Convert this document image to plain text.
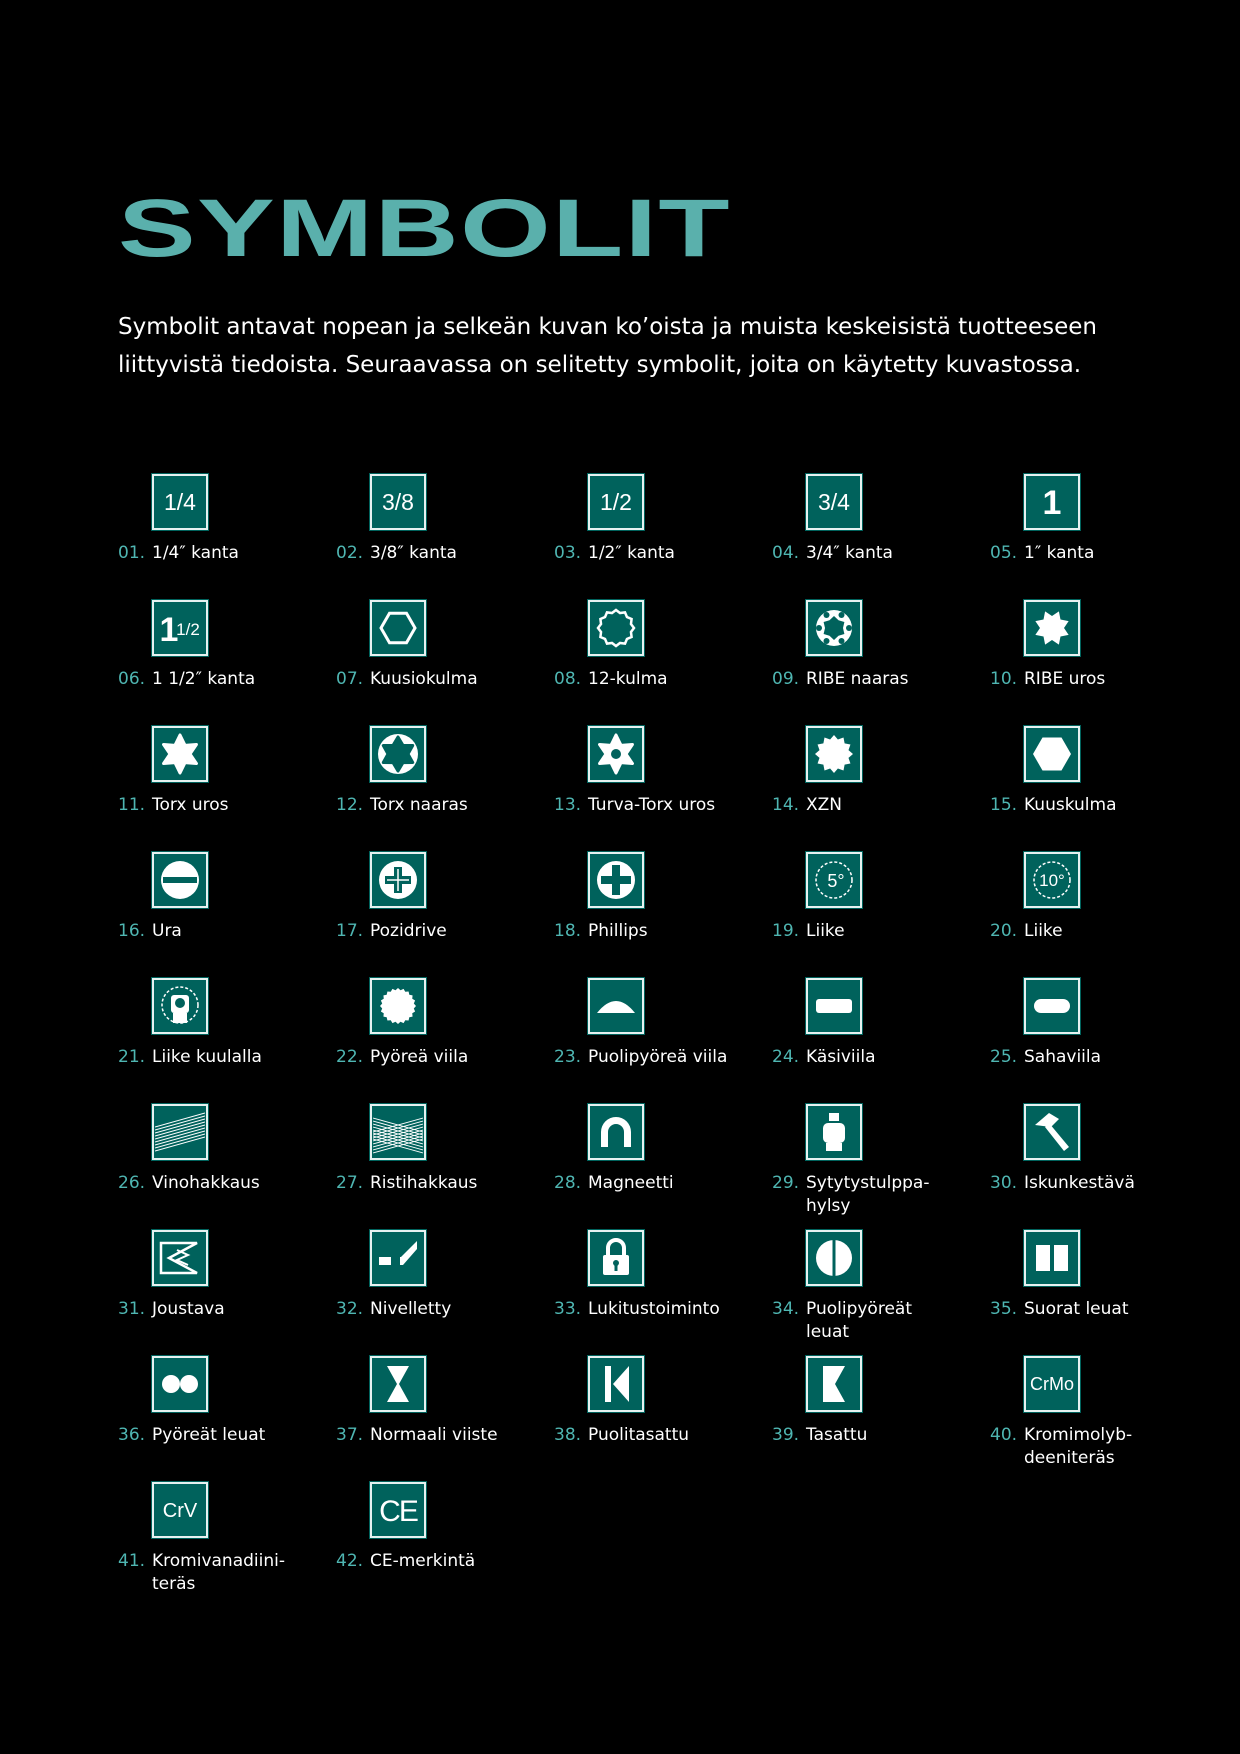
SYMBOLIT

Symbolit antavat nopean ja selkeän kuvan ko’oista ja muista keskeisistä tuotteeseen liittyvistä tiedoista. Seuraavassa on selitetty symbolit, joita on käytetty kuvastossa.

1/4
01. 1/4″ kanta
3/8
02. 3/8″ kanta
1/2
03. 1/2″ kanta
3/4
04. 3/4″ kanta
1
05. 1″ kanta
1
1/2
06. 1 1/2″ kanta	07. Kuusiokulma	08. 12-kulma	09. RIBE naaras	10. RIBE uros
11. Torx uros	12. Torx naaras	13. Turva-Torx uros	14. XZN	15. Kuuskulma
16. Ura	17. Pozidrive	18. Phillips
5°
19. Liike
10°
20. Liike
21. Liike kuulalla	22. Pyöreä viila	23. Puolipyöreä viila	24. Käsiviila	25. Sahaviila
26. Vinohakkaus	27. Ristihakkaus	28. Magneetti	29. Sytytystulppa-
hylsy
30. Iskunkestävä
31. Joustava	32. Nivelletty	33. Lukitustoiminto	34. Puolipyöreät
leuat
35. Suorat leuat
36. Pyöreät leuat	37. Normaali viiste	38. Puolitasattu	39. Tasattu
CrMo
40. Kromimolyb-
deeniteräs
CrV
41. Kromivanadiini-
teräs
CE
42. CE-merkintä
